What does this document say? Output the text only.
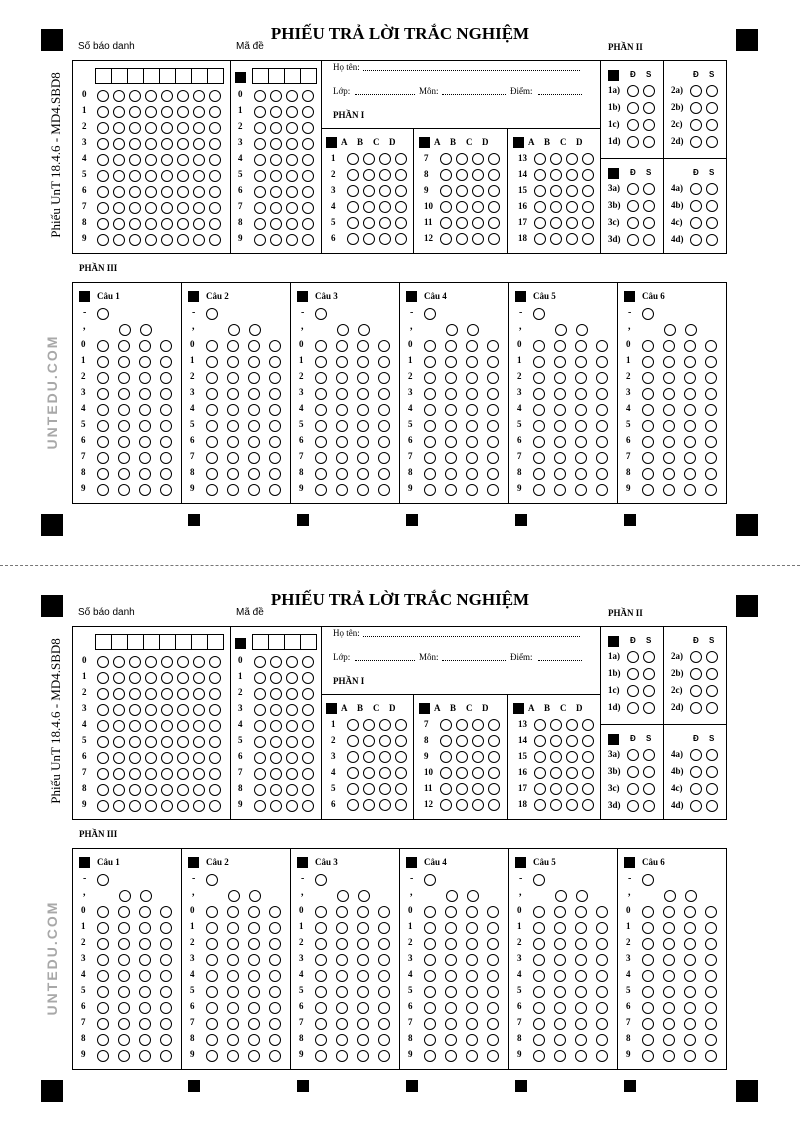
PHIẾU TRẢ LỜI TRẮC NGHIỆM
Số báo danh	Mã đề	PHẦN II
PHẦN III
Phiếu UnT 18.4.6 - MD4.SBD8
UNTEDU.COM
0	0
1	1
2	2
3	3
4	4
5	5
6	6
7	7
8	8
9	9
Họ tên:
Lớp:	Môn:	Điểm:
PHẦN I
A B C D
1
2
3
4
5
6
A B C D
7
8
9
10
11
12
A B C D
13
14
15
16
17
18
Đ S
1a)
1b)
1c)
1d)
Đ S
2a)
2b)
2c)
2d)
Đ S
3a)
3b)
3c)
3d)
Đ S
4a)
4b)
4c)
4d)
Câu 1
-
,
0
1
2
3
4
5
6
7
8
9
Câu 2
-
,
0
1
2
3
4
5
6
7
8
9
Câu 3
-
,
0
1
2
3
4
5
6
7
8
9
Câu 4
-
,
0
1
2
3
4
5
6
7
8
9
Câu 5
-
,
0
1
2
3
4
5
6
7
8
9
Câu 6
-
,
0
1
2
3
4
5
6
7
8
9
PHIẾU TRẢ LỜI TRẮC NGHIỆM
Số báo danh	Mã đề	PHẦN II
PHẦN III
Phiếu UnT 18.4.6 - MD4.SBD8
UNTEDU.COM
0	0
1	1
2	2
3	3
4	4
5	5
6	6
7	7
8	8
9	9
Họ tên:
Lớp:	Môn:	Điểm:
PHẦN I
A B C D
1
2
3
4
5
6
A B C D
7
8
9
10
11
12
A B C D
13
14
15
16
17
18
Đ S
1a)
1b)
1c)
1d)
Đ S
2a)
2b)
2c)
2d)
Đ S
3a)
3b)
3c)
3d)
Đ S
4a)
4b)
4c)
4d)
Câu 1
-
,
0
1
2
3
4
5
6
7
8
9
Câu 2
-
,
0
1
2
3
4
5
6
7
8
9
Câu 3
-
,
0
1
2
3
4
5
6
7
8
9
Câu 4
-
,
0
1
2
3
4
5
6
7
8
9
Câu 5
-
,
0
1
2
3
4
5
6
7
8
9
Câu 6
-
,
0
1
2
3
4
5
6
7
8
9
